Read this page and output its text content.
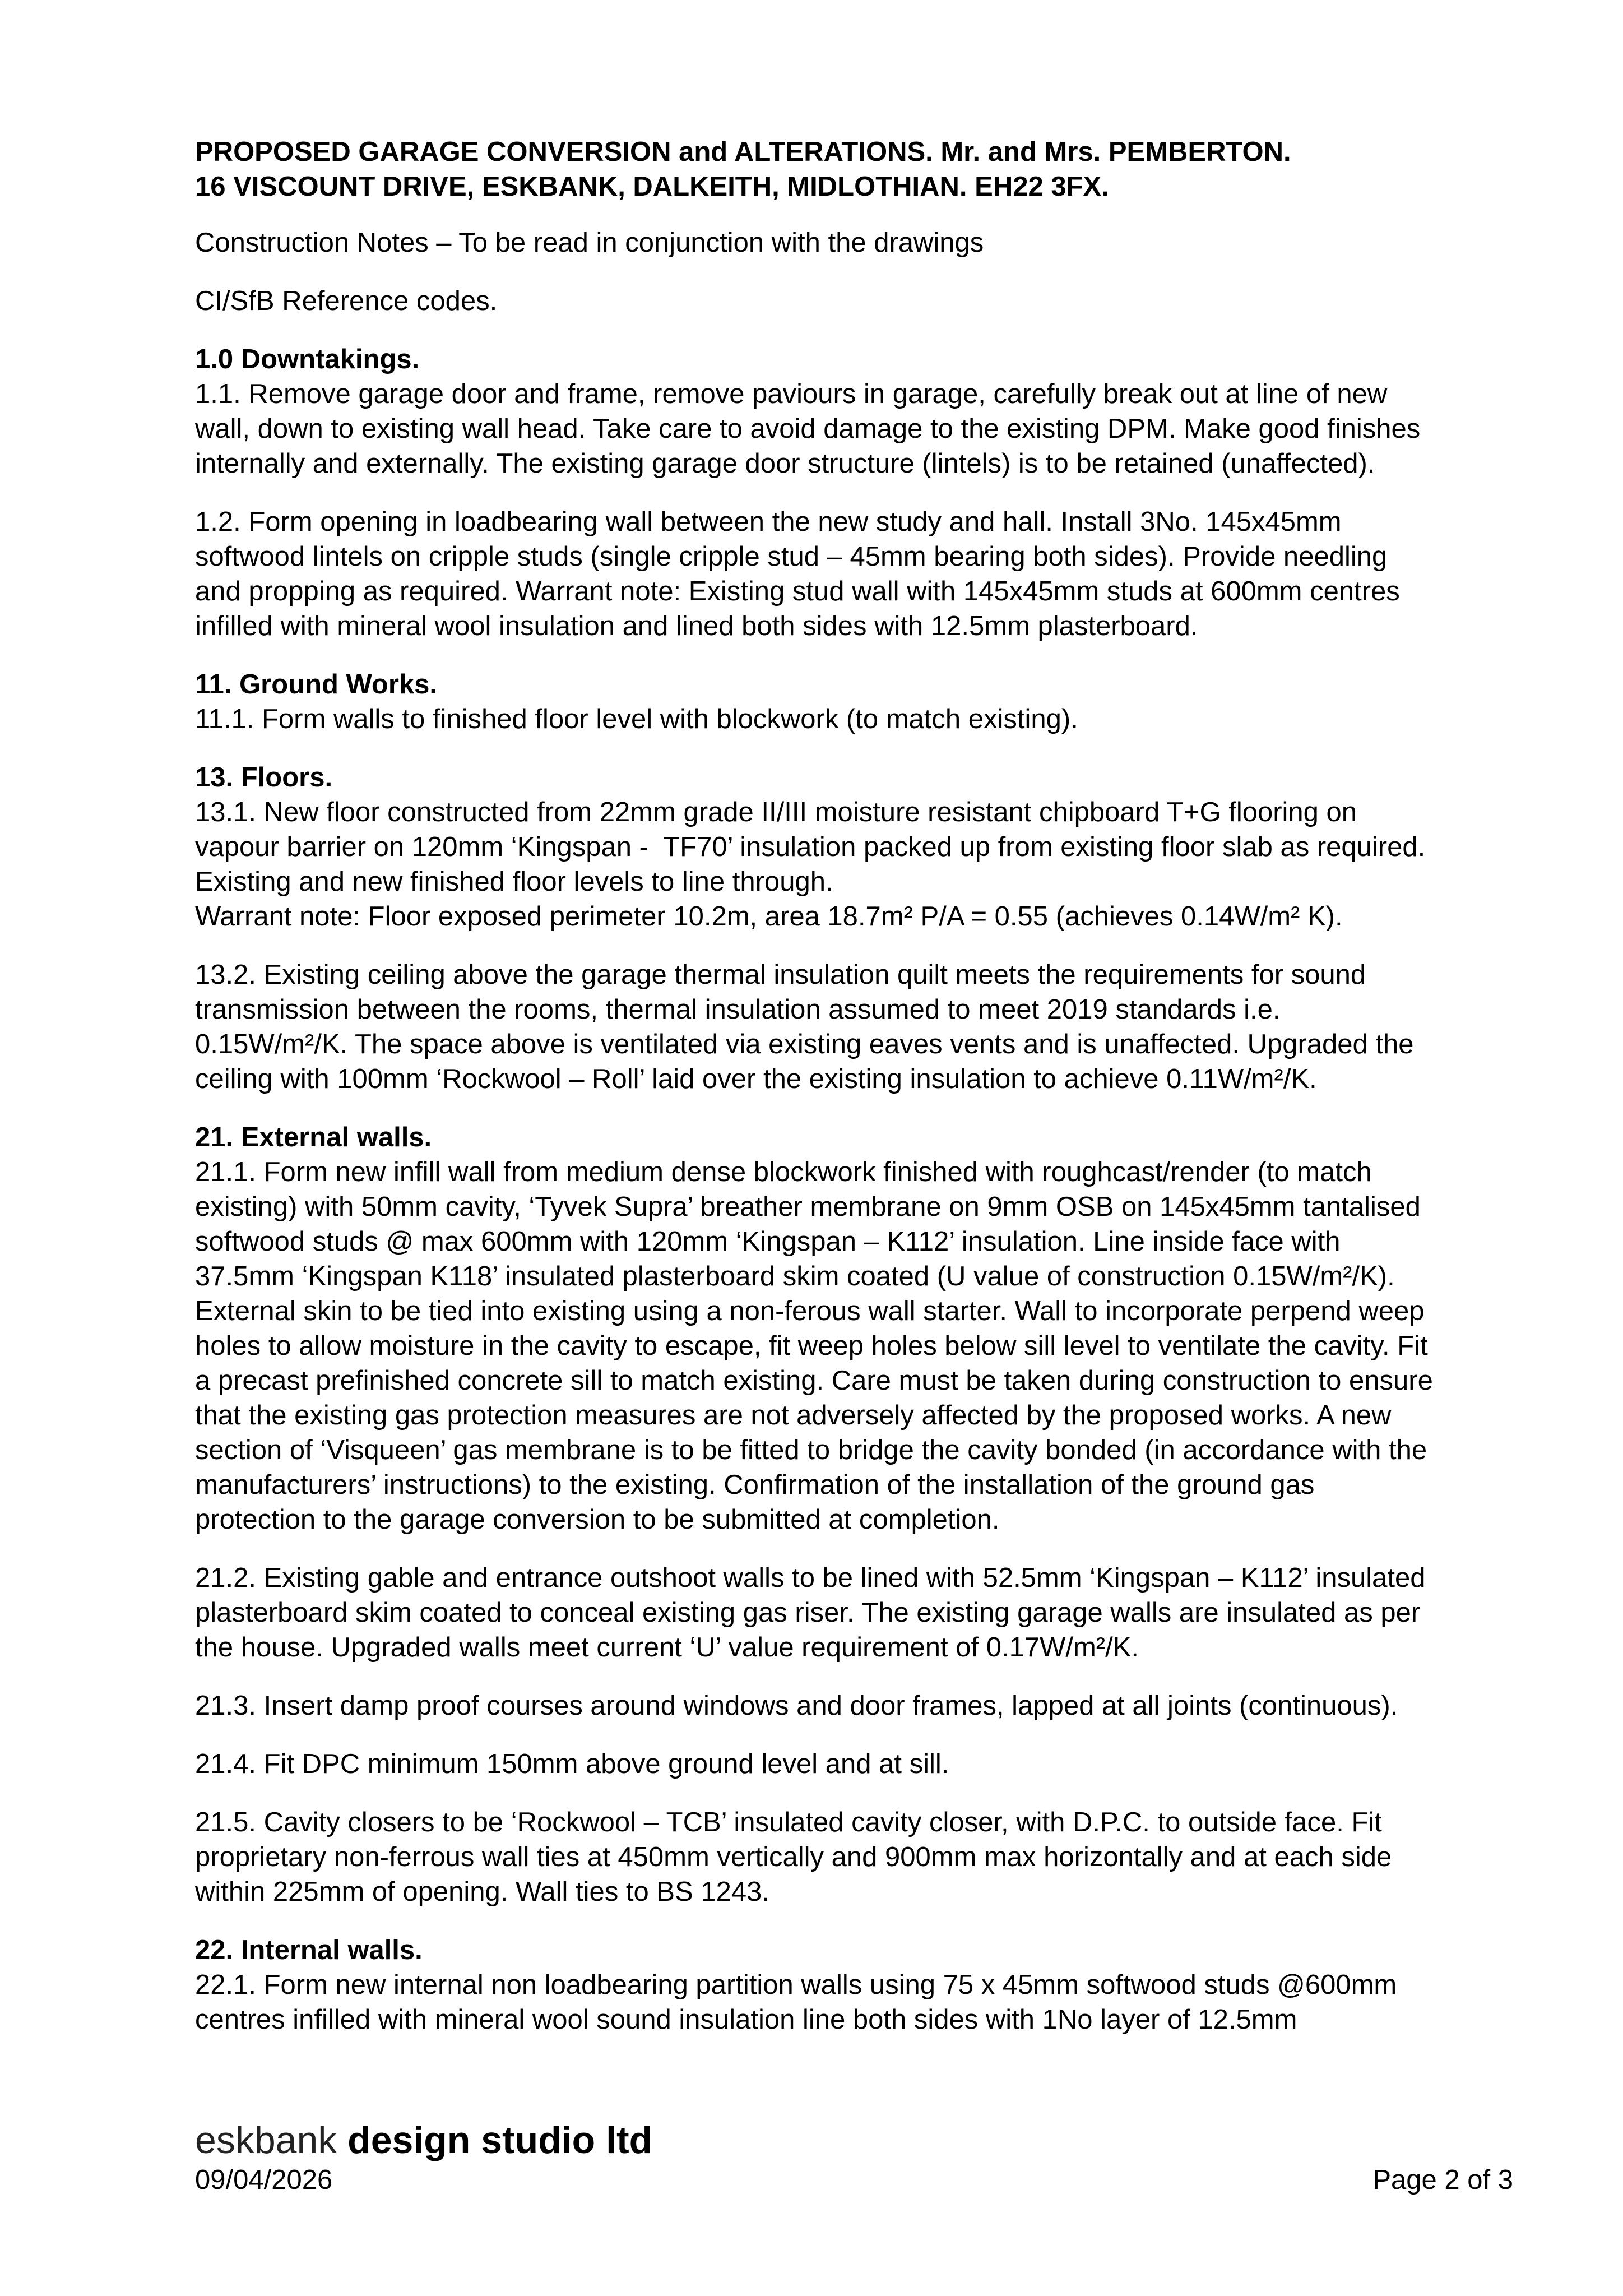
PROPOSED GARAGE CONVERSION and ALTERATIONS. Mr. and Mrs. PEMBERTON.
16 VISCOUNT DRIVE, ESKBANK, DALKEITH, MIDLOTHIAN. EH22 3FX.
Construction Notes – To be read in conjunction with the drawings
CI/SfB Reference codes.
1.0 Downtakings.
1.1. Remove garage door and frame, remove paviours in garage, carefully break out at line of new
wall, down to existing wall head. Take care to avoid damage to the existing DPM. Make good finishes
internally and externally. The existing garage door structure (lintels) is to be retained (unaffected).
1.2. Form opening in loadbearing wall between the new study and hall. Install 3No. 145x45mm
softwood lintels on cripple studs (single cripple stud – 45mm bearing both sides). Provide needling
and propping as required. Warrant note: Existing stud wall with 145x45mm studs at 600mm centres
infilled with mineral wool insulation and lined both sides with 12.5mm plasterboard.
11. Ground Works.
11.1. Form walls to finished floor level with blockwork (to match existing).
13. Floors.
13.1. New floor constructed from 22mm grade II/III moisture resistant chipboard T+G flooring on
vapour barrier on 120mm ‘Kingspan -  TF70’ insulation packed up from existing floor slab as required.
Existing and new finished floor levels to line through.
Warrant note: Floor exposed perimeter 10.2m, area 18.7m² P/A = 0.55 (achieves 0.14W/m² K).
13.2. Existing ceiling above the garage thermal insulation quilt meets the requirements for sound
transmission between the rooms, thermal insulation assumed to meet 2019 standards i.e.
0.15W/m²/K. The space above is ventilated via existing eaves vents and is unaffected. Upgraded the
ceiling with 100mm ‘Rockwool – Roll’ laid over the existing insulation to achieve 0.11W/m²/K.
21. External walls.
21.1. Form new infill wall from medium dense blockwork finished with roughcast/render (to match
existing) with 50mm cavity, ‘Tyvek Supra’ breather membrane on 9mm OSB on 145x45mm tantalised
softwood studs @ max 600mm with 120mm ‘Kingspan – K112’ insulation. Line inside face with
37.5mm ‘Kingspan K118’ insulated plasterboard skim coated (U value of construction 0.15W/m²/K).
External skin to be tied into existing using a non-ferous wall starter. Wall to incorporate perpend weep
holes to allow moisture in the cavity to escape, fit weep holes below sill level to ventilate the cavity. Fit
a precast prefinished concrete sill to match existing. Care must be taken during construction to ensure
that the existing gas protection measures are not adversely affected by the proposed works. A new
section of ‘Visqueen’ gas membrane is to be fitted to bridge the cavity bonded (in accordance with the
manufacturers’ instructions) to the existing. Confirmation of the installation of the ground gas
protection to the garage conversion to be submitted at completion.
21.2. Existing gable and entrance outshoot walls to be lined with 52.5mm ‘Kingspan – K112’ insulated
plasterboard skim coated to conceal existing gas riser. The existing garage walls are insulated as per
the house. Upgraded walls meet current ‘U’ value requirement of 0.17W/m²/K.
21.3. Insert damp proof courses around windows and door frames, lapped at all joints (continuous).
21.4. Fit DPC minimum 150mm above ground level and at sill.
21.5. Cavity closers to be ‘Rockwool – TCB’ insulated cavity closer, with D.P.C. to outside face. Fit
proprietary non-ferrous wall ties at 450mm vertically and 900mm max horizontally and at each side
within 225mm of opening. Wall ties to BS 1243.
22. Internal walls.
22.1. Form new internal non loadbearing partition walls using 75 x 45mm softwood studs @600mm
centres infilled with mineral wool sound insulation line both sides with 1No layer of 12.5mm
eskbank design studio ltd
09/04/2026	Page 2 of 3
